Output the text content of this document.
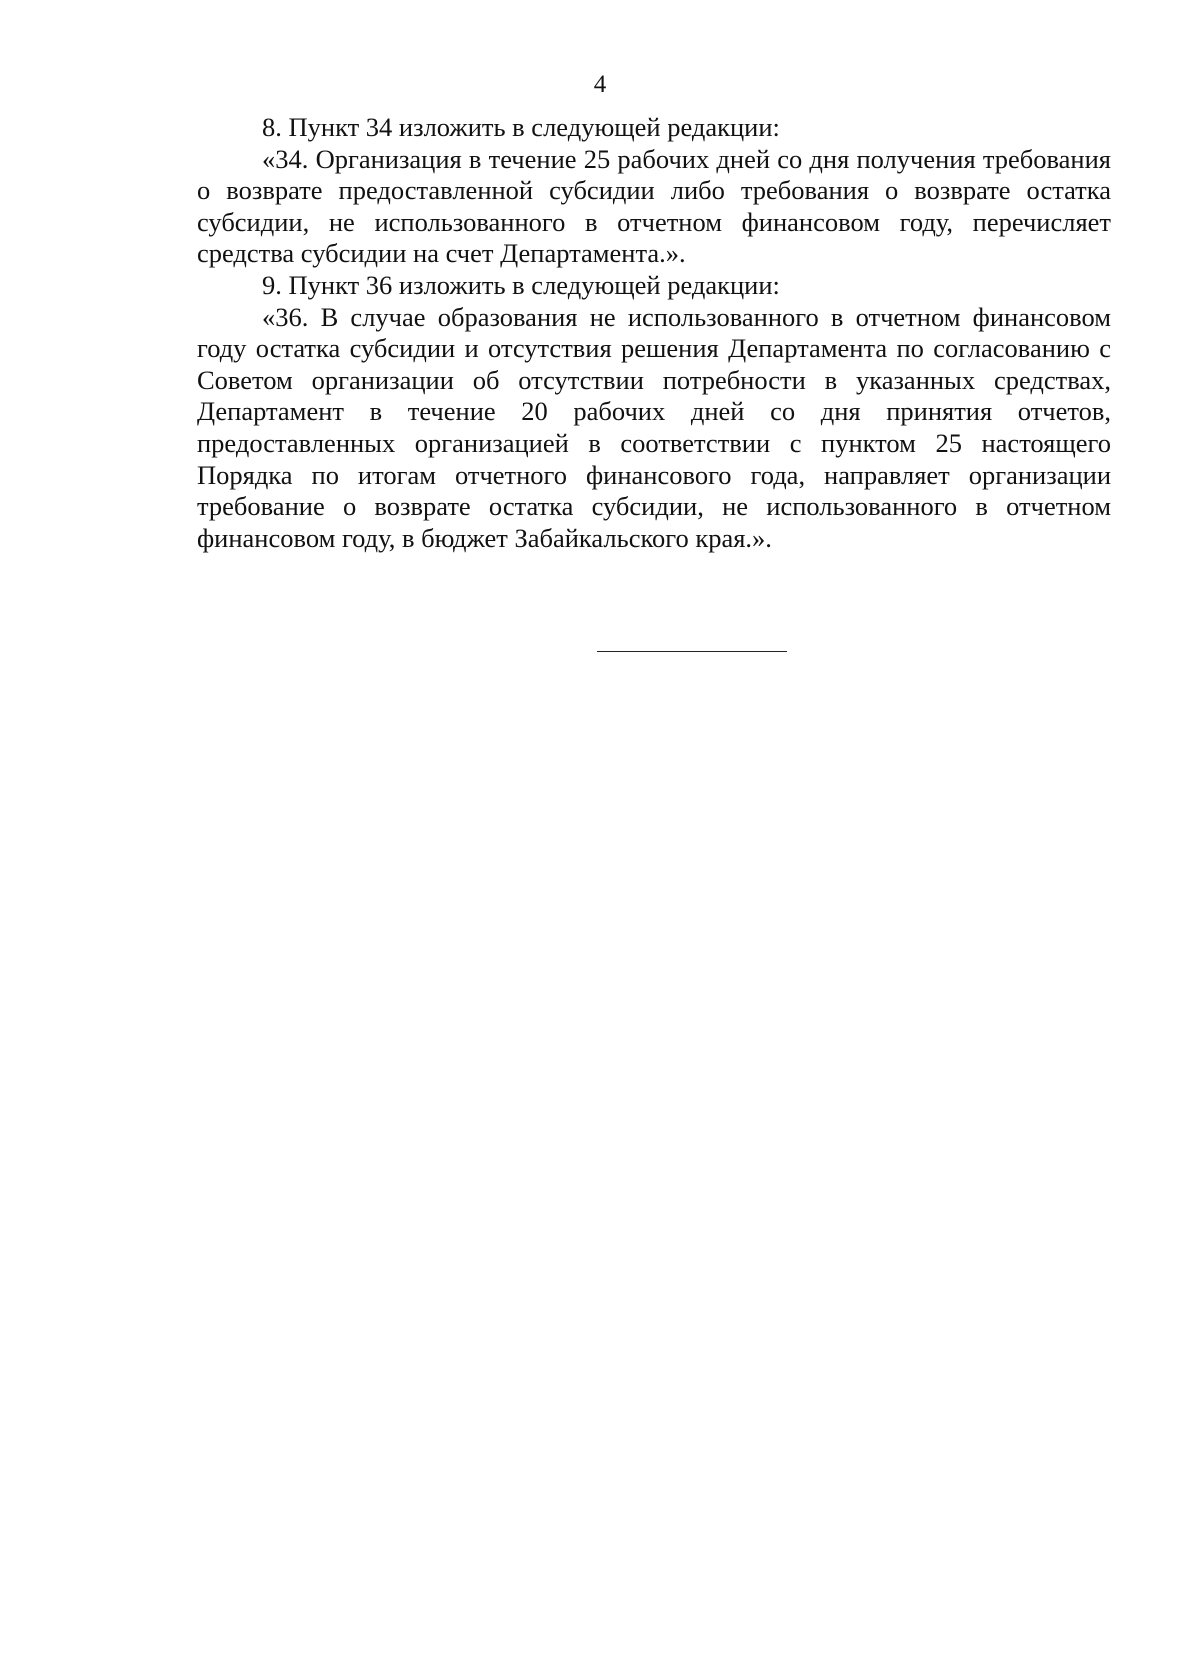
4

8. Пункт 34 изложить в следующей редакции:

«34. Организация в течение 25 рабочих дней со дня получения требования о возврате предоставленной субсидии либо требования о возврате остатка субсидии, не использованного в отчетном финансовом году, перечисляет средства субсидии на счет Департамента.».

9. Пункт 36 изложить в следующей редакции:

«36. В случае образования не использованного в отчетном финансовом году остатка субсидии и отсутствия решения Департамента по согласованию с Советом организации об отсутствии потребности в указанных средствах, Департамент в течение 20 рабочих дней со дня принятия отчетов, предоставленных организацией в соответствии с пунктом 25 настоящего Порядка по итогам отчетного финансового года, направляет организации требование о возврате остатка субсидии, не использованного в отчетном финансовом году, в бюджет Забайкальского края.».
